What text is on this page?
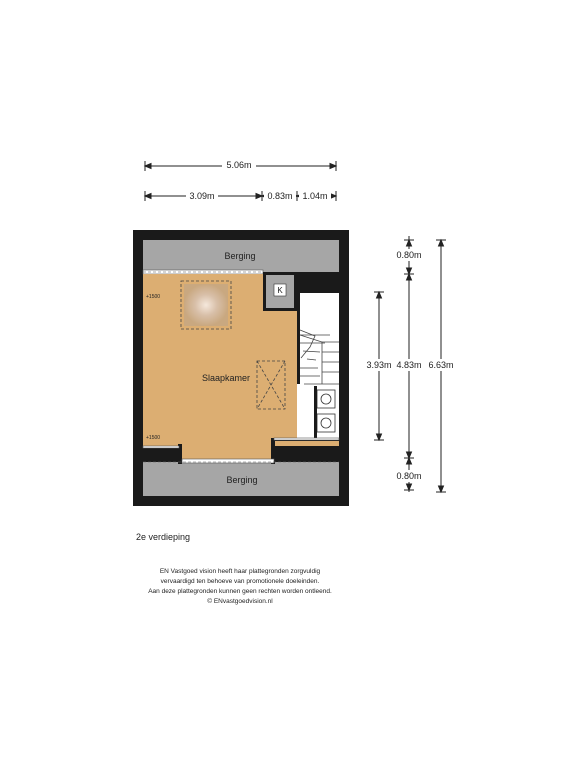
5.06m
3.09m	0.83m 1.04m
0.80m
3.93m 4.83m 6.63m
0.80m
K
Berging
Berging
Slaapkamer
+1500
+1500
2e verdieping
EN Vastgoed vision heeft haar plattegronden zorgvuldig
vervaardigd ten behoeve van promotionele doeleinden.
Aan deze plattegronden kunnen geen rechten worden ontleend.
© ENvastgoedvision.nl
